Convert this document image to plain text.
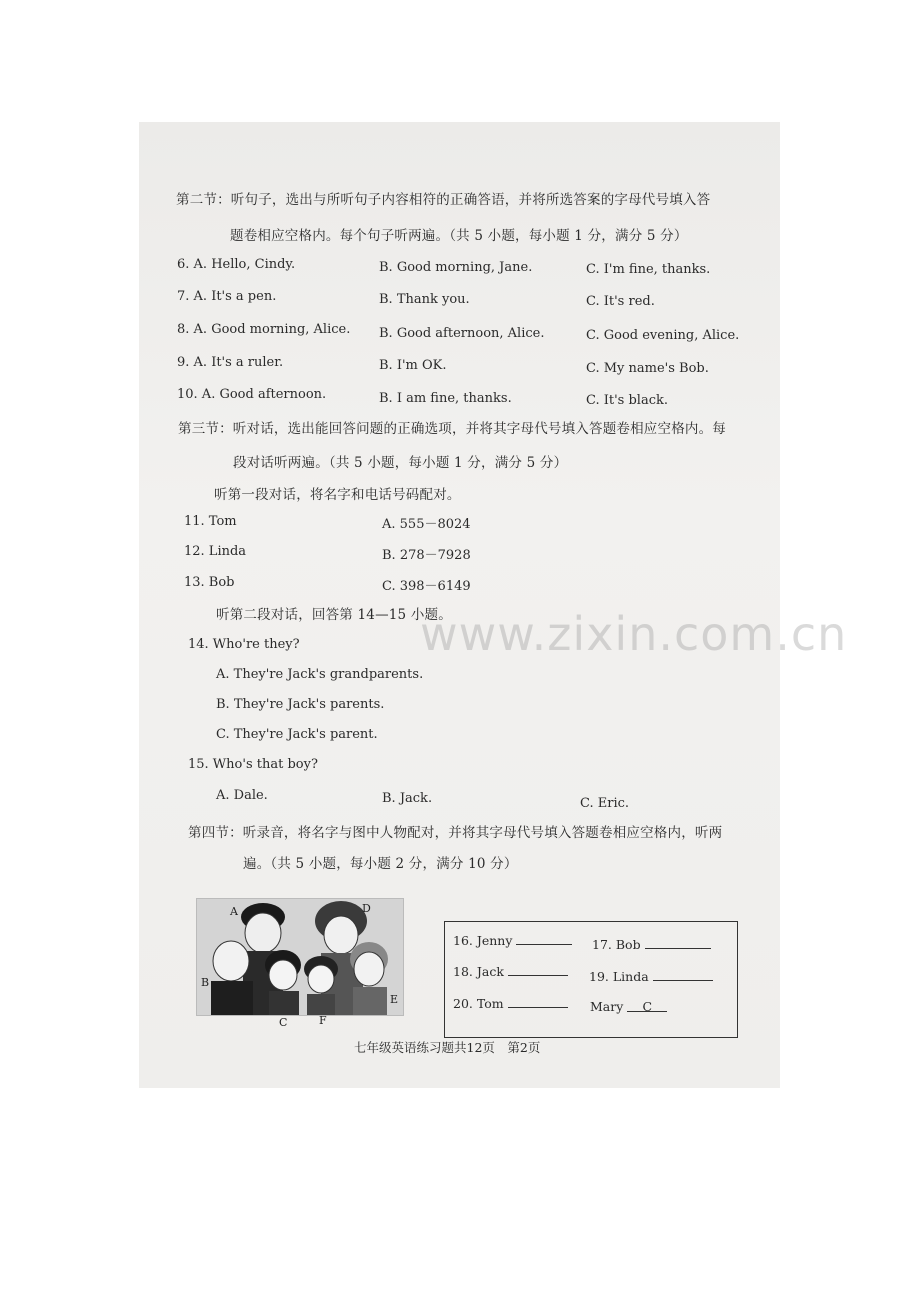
第二节：听句子，选出与所听句子内容相符的正确答语，并将所选答案的字母代号填入答
题卷相应空格内。每个句子听两遍。（共 5 小题，每小题 1 分，满分 5 分）
6. A. Hello, Cindy.	B. Good morning, Jane.	C. I'm fine, thanks.
7. A. It's a pen.	B. Thank you.	C. It's red.
8. A. Good morning, Alice. B. Good afternoon, Alice.	C. Good evening, Alice.
9. A. It's a ruler.	B. I'm OK.	C. My name's Bob.
10. A. Good afternoon.	B. I am fine, thanks.	C. It's black.
第三节：听对话，选出能回答问题的正确选项，并将其字母代号填入答题卷相应空格内。每
段对话听两遍。（共 5 小题，每小题 1 分，满分 5 分）
听第一段对话，将名字和电话号码配对。
11. Tom	A. 555－8024
12. Linda	B. 278－7928
13. Bob	C. 398－6149
听第二段对话，回答第 14—15 小题。
14. Who're they?
A. They're Jack's grandparents.
B. They're Jack's parents.
C. They're Jack's parent.
15. Who's that boy?
A. Dale.	B. Jack.	C. Eric.
第四节：听录音，将名字与图中人物配对，并将其字母代号填入答题卷相应空格内，听两
遍。（共 5 小题，每小题 2 分，满分 10 分）
A
B
C
D
E
F
16. Jenny	17. Bob
18. Jack	19. Linda
20. Tom	Mary C
七年级英语练习题共12页　第2页
www.zixin.com.cn
